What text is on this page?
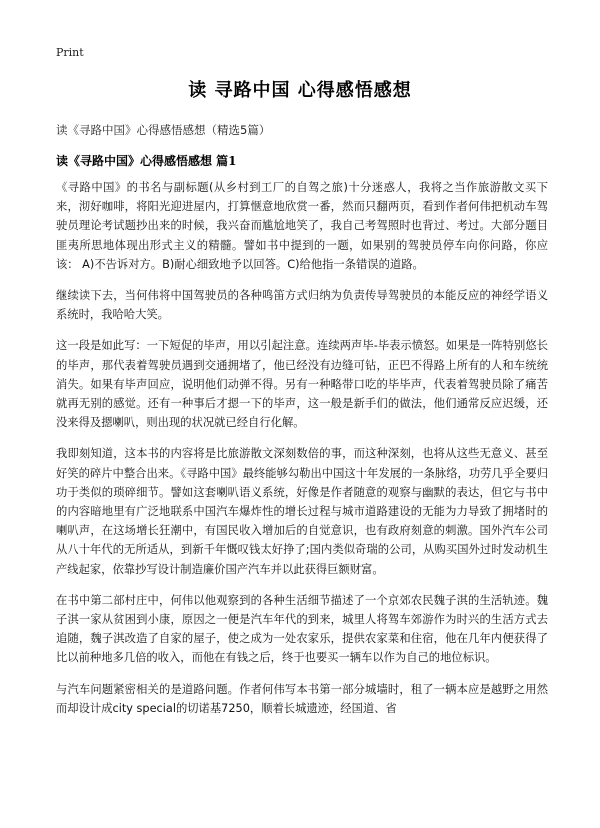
Print
读 寻路中国 心得感悟感想
读《寻路中国》心得感悟感想（精选5篇）
读《寻路中国》心得感悟感想 篇1

《寻路中国》的书名与副标题(从乡村到工厂的自驾之旅)十分迷惑人，我将之当作旅游散文买下来，沏好咖啡，将阳光迎进屋内，打算惬意地欣赏一番，然而只翻两页，看到作者何伟把机动车驾驶员理论考试题抄出来的时候，我兴奋而尴尬地笑了，我自己考驾照时也背过、考过。大部分题目匪夷所思地体现出形式主义的精髓。譬如书中提到的一题，如果别的驾驶员停车向你问路，你应该： A)不告诉对方。B)耐心细致地予以回答。C)给他指一条错误的道路。

继续读下去，当何伟将中国驾驶员的各种鸣笛方式归纳为负责传导驾驶员的本能反应的神经学语义系统时，我哈哈大笑。

这一段是如此写：一下短促的毕声，用以引起注意。连续两声毕-毕表示愤怒。如果是一阵特别悠长的毕声，那代表着驾驶员遇到交通拥堵了，他已经没有边缝可钻，正巴不得路上所有的人和车统统消失。如果有毕声回应，说明他们动弹不得。另有一种略带口吃的毕毕声，代表着驾驶员除了痛苦就再无别的感觉。还有一种事后才摁一下的毕声，这一般是新手们的做法，他们通常反应迟缓，还没来得及摁喇叭，则出现的状况就已经自行化解。

我即刻知道，这本书的内容将是比旅游散文深刻数倍的事，而这种深刻，也将从这些无意义、甚至好笑的碎片中整合出来。《寻路中国》最终能够勾勒出中国这十年发展的一条脉络，功劳几乎全要归功于类似的琐碎细节。譬如这套喇叭语义系统，好像是作者随意的观察与幽默的表达，但它与书中的内容暗地里有广泛地联系中国汽车爆炸性的增长过程与城市道路建设的无能为力导致了拥堵时的喇叭声，在这场增长狂潮中，有国民收入增加后的自觉意识，也有政府刻意的刺激。国外汽车公司从八十年代的无所适从，到新千年慨叹钱太好挣了;国内类似奇瑞的公司，从购买国外过时发动机生产线起家，依靠抄写设计制造廉价国产汽车并以此获得巨额财富。

在书中第二部村庄中，何伟以他观察到的各种生活细节描述了一个京郊农民魏子淇的生活轨迹。魏子淇一家从贫困到小康，原因之一便是汽车年代的到来，城里人将驾车郊游作为时兴的生活方式去追随，魏子淇改造了自家的屋子，使之成为一处农家乐，提供农家菜和住宿，他在几年内便获得了比以前种地多几倍的收入，而他在有钱之后，终于也要买一辆车以作为自己的地位标识。

与汽车问题紧密相关的是道路问题。作者何伟写本书第一部分城墙时，租了一辆本应是越野之用然而却设计成city special的切诺基7250，顺着长城遗迹，经国道、省
